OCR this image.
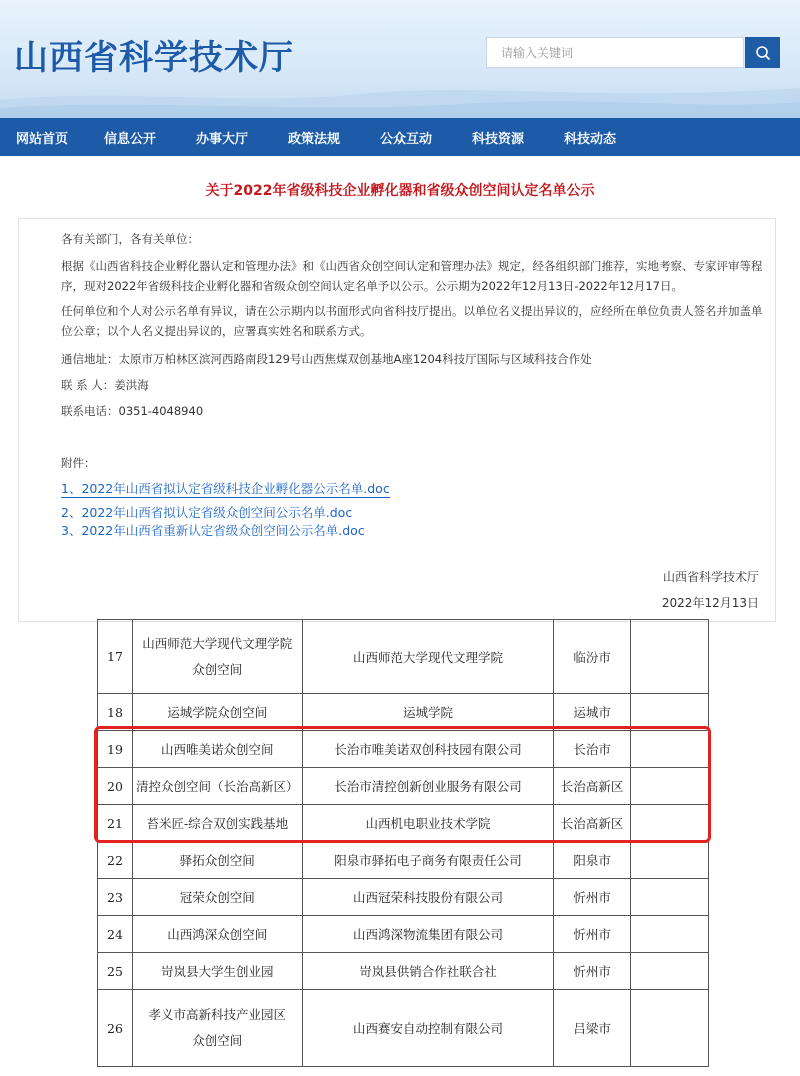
山西省科学技术厅
请输入关键词
网站首页	信息公开	办事大厅	政策法规	公众互动	科技资源	科技动态
关于2022年省级科技企业孵化器和省级众创空间认定名单公示
各有关部门，各有关单位：
根据《山西省科技企业孵化器认定和管理办法》和《山西省众创空间认定和管理办法》规定，经各组织部门推荐，实地考察、专家评审等程序，现对2022年省级科技企业孵化器和省级众创空间认定名单予以公示。公示期为2022年12月13日-2022年12月17日。
任何单位和个人对公示名单有异议，请在公示期内以书面形式向省科技厅提出。以单位名义提出异议的，应经所在单位负责人签名并加盖单位公章；以个人名义提出异议的，应署真实姓名和联系方式。
通信地址：太原市万柏林区滨河西路南段129号山西焦煤双创基地A座1204科技厅国际与区域科技合作处
联 系 人：姜洪海
联系电话：0351-4048940
附件：
1、2022年山西省拟认定省级科技企业孵化器公示名单.doc
2、2022年山西省拟认定省级众创空间公示名单.doc
3、2022年山西省重新认定省级众创空间公示名单.doc
山西省科学技术厅
2022年12月13日
17	山西师范大学现代文理学院
众创空间	山西师范大学现代文理学院	临汾市	
18	运城学院众创空间	运城学院	运城市	
19	山西唯美诺众创空间	长治市唯美诺双创科技园有限公司	长治市	
20	清控众创空间（长治高新区）	长治市清控创新创业服务有限公司	长治高新区	
21	苔米匠-综合双创实践基地	山西机电职业技术学院	长治高新区	
22	驿拓众创空间	阳泉市驿拓电子商务有限责任公司	阳泉市	
23	冠荣众创空间	山西冠荣科技股份有限公司	忻州市	
24	山西鸿深众创空间	山西鸿深物流集团有限公司	忻州市	
25	岢岚县大学生创业园	岢岚县供销合作社联合社	忻州市	
26	孝义市高新科技产业园区
众创空间	山西赛安自动控制有限公司	吕梁市	
